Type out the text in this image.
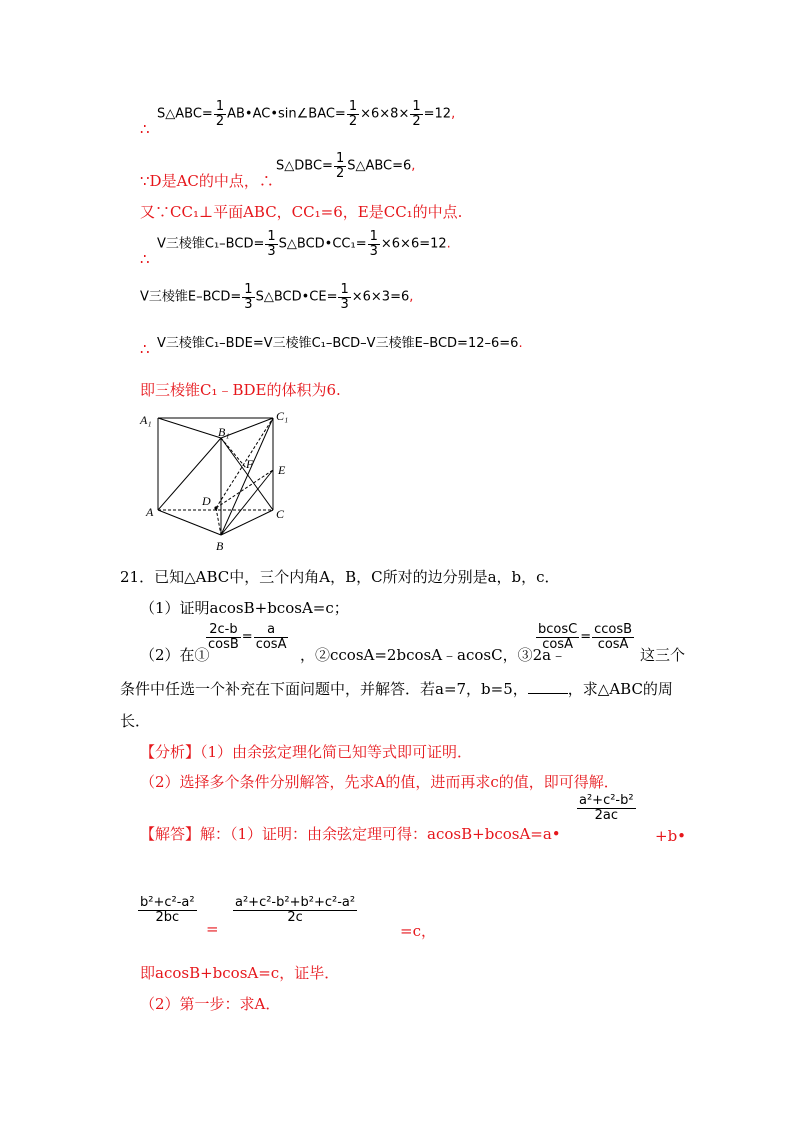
∴
S△ABC= $\frac{1}{2}$ AB•AC•sin∠BAC= $\frac{1}{2} \times 6\times 8\times \frac{1}{2} =12$,
∵D是AC的中点，∴
S△DBC= $\frac{1}{2}$ S△ABC=6,
又∵CC₁⊥平面ABC，CC₁=6，E是CC₁的中点.
∴
V三棱锥$C_1-BCD= \frac{1}{3}$ S△BCD•CC₁= $\frac{1}{3} \times 6\times 6=12$.
V三棱锥$E-BCD= \frac{1}{3}$ S△BCD•CE= $\frac{1}{3} \times 6\times 3=6$,
∴ V三棱锥C₁–BDE=V三棱锥C₁–BCD–V三棱锥E–BCD=12–6=6.
即三棱锥C₁﹣BDE的体积为6.
A₁
B₁
C₁
A
B
C
D
E
F
21．已知△ABC中，三个内角A，B，C所对的边分别是a，b，c．
（1）证明acosB+bcosA=c；
（2）在①
$\frac{2c-b}{\cos B} = \frac{a}{\cos A}$
，②ccosA=2bcosA﹣acosC，③2a﹣
$\frac{bcosC}{\cos A} = \frac{ccosB}{\cos A}$
这三个
条件中任选一个补充在下面问题中，并解答．若a=7，b=5，	，求△ABC的周
长．
【分析】（1）由余弦定理化简已知等式即可证明．
（2）选择多个条件分别解答，先求A的值，进而再求c的值，即可得解．
【解答】解：（1）证明：由余弦定理可得：acosB+bcosA=a•
$\frac{\text{a²+c²-b²}}{2ac}$
+b•
$\frac{\text{b²+c²-a²}}{2bc}$
=
$\frac{\text{a²+c²-b²+b²+c²-a²}}{2c}$
=c，
即acosB+bcosA=c，证毕．
（2）第一步：求A．
